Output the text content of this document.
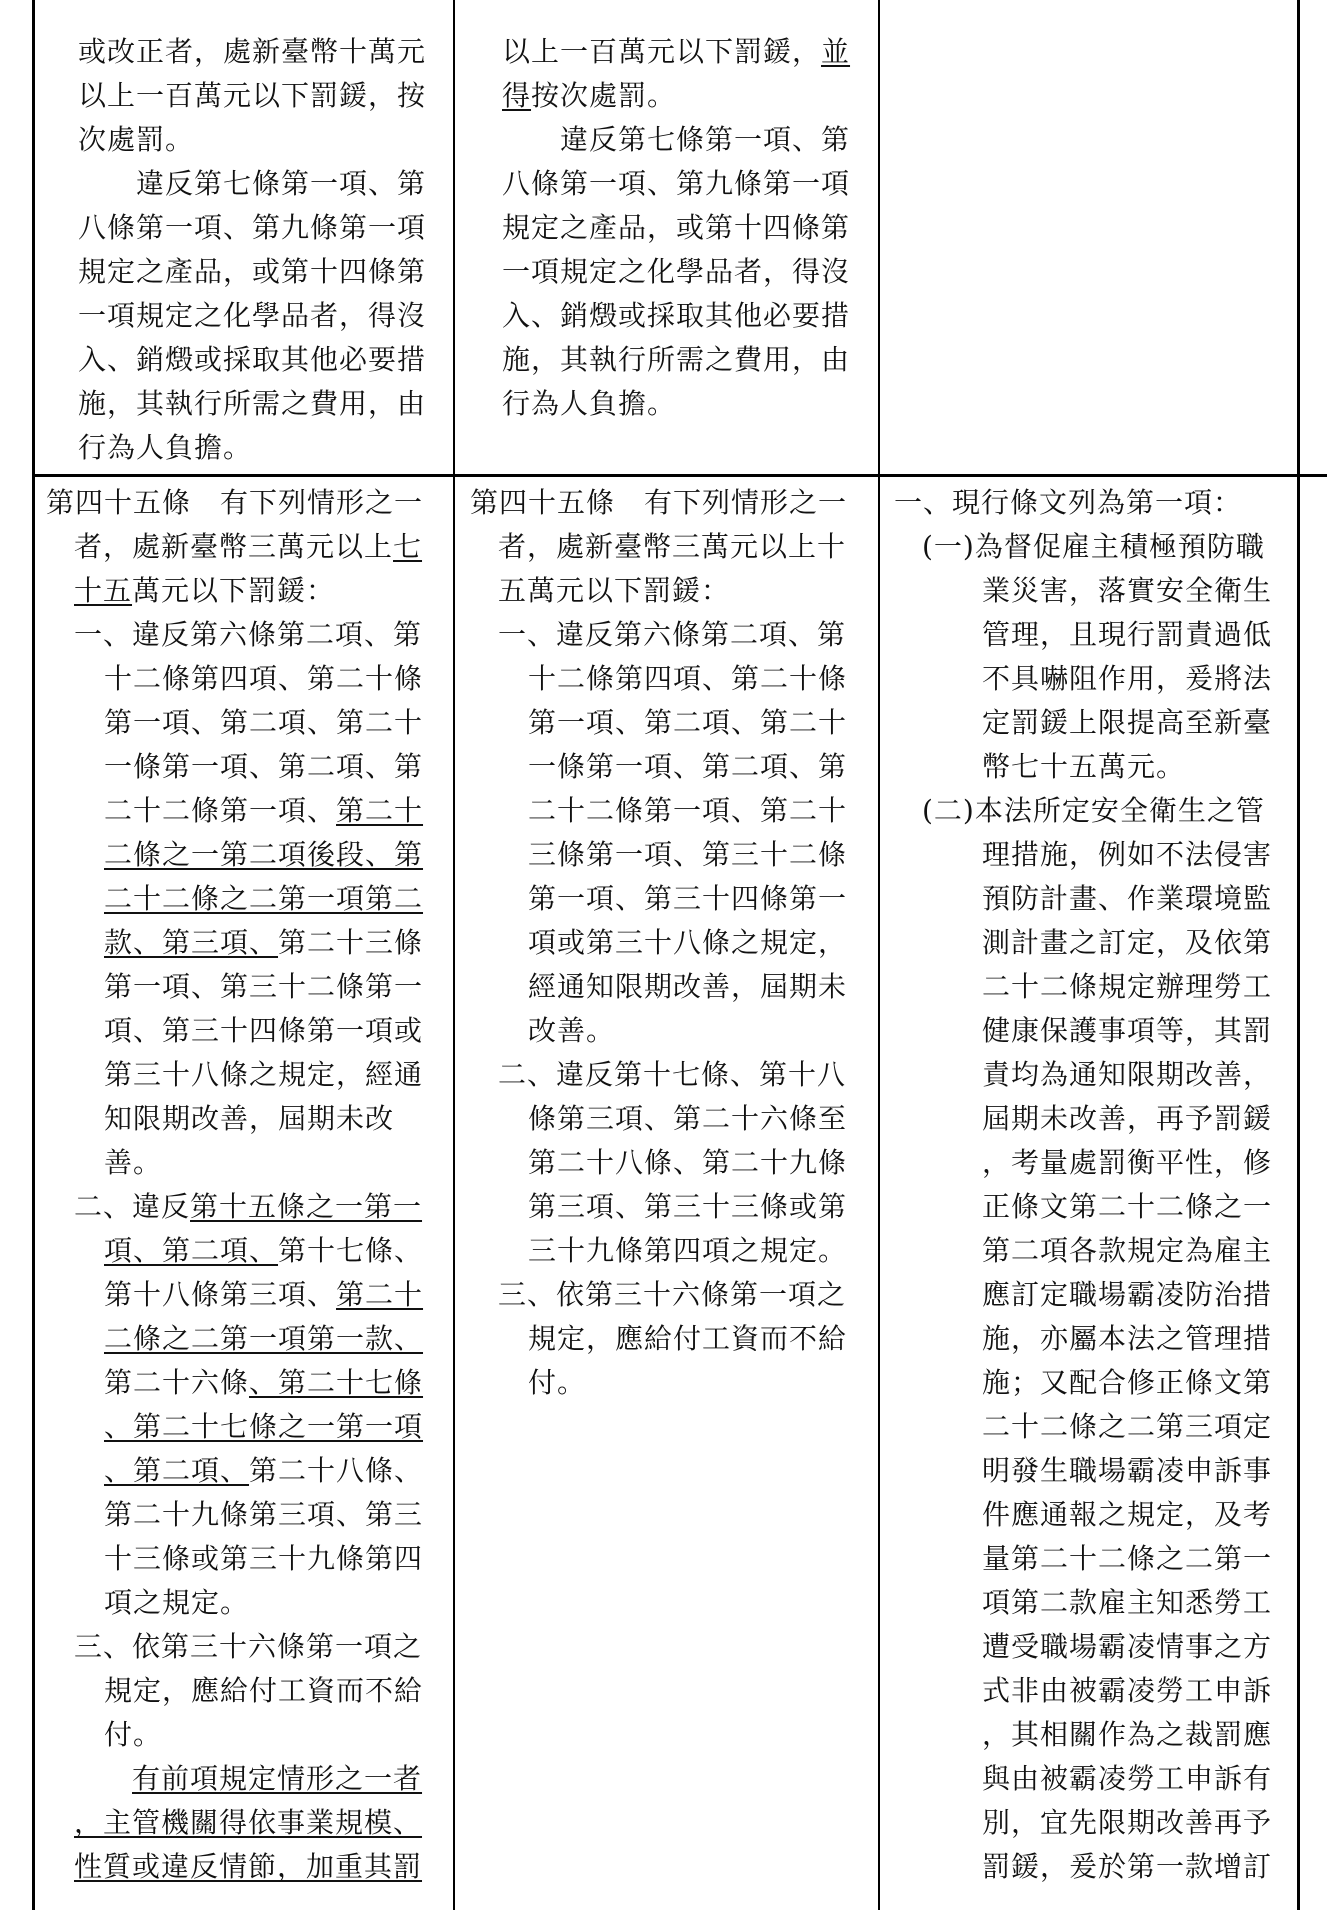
或改正者，處新臺幣十萬元

以上一百萬元以下罰鍰，按

次處罰。

　　違反第七條第一項、第

八條第一項、第九條第一項

規定之產品，或第十四條第

一項規定之化學品者，得沒

入、銷燬或採取其他必要措

施，其執行所需之費用，由

行為人負擔。

以上一百萬元以下罰鍰，並

得按次處罰。

　　違反第七條第一項、第

八條第一項、第九條第一項

規定之產品，或第十四條第

一項規定之化學品者，得沒

入、銷燬或採取其他必要措

施，其執行所需之費用，由

行為人負擔。

第四十五條　有下列情形之一

者，處新臺幣三萬元以上七

十五萬元以下罰鍰：

一、違反第六條第二項、第

十二條第四項、第二十條

第一項、第二項、第二十

一條第一項、第二項、第

二十二條第一項、第二十

二條之一第二項後段、第

二十二條之二第一項第二

款、第三項、第二十三條

第一項、第三十二條第一

項、第三十四條第一項或

第三十八條之規定，經通

知限期改善，屆期未改

善。

二、違反第十五條之一第一

項、第二項、第十七條、

第十八條第三項、第二十

二條之二第一項第一款、

第二十六條、第二十七條

、第二十七條之一第一項

、第二項、第二十八條、

第二十九條第三項、第三

十三條或第三十九條第四

項之規定。

三、依第三十六條第一項之

規定，應給付工資而不給

付。

　　有前項規定情形之一者

，主管機關得依事業規模、

性質或違反情節，加重其罰

第四十五條　有下列情形之一

者，處新臺幣三萬元以上十

五萬元以下罰鍰：

一、違反第六條第二項、第

十二條第四項、第二十條

第一項、第二項、第二十

一條第一項、第二項、第

二十二條第一項、第二十

三條第一項、第三十二條

第一項、第三十四條第一

項或第三十八條之規定，

經通知限期改善，屆期未

改善。

二、違反第十七條、第十八

條第三項、第二十六條至

第二十八條、第二十九條

第三項、第三十三條或第

三十九條第四項之規定。

三、依第三十六條第一項之

規定，應給付工資而不給

付。

一、現行條文列為第一項：

(一)為督促雇主積極預防職

業災害，落實安全衛生

管理，且現行罰責過低

不具嚇阻作用，爰將法

定罰鍰上限提高至新臺

幣七十五萬元。

(二)本法所定安全衛生之管

理措施，例如不法侵害

預防計畫、作業環境監

測計畫之訂定，及依第

二十二條規定辦理勞工

健康保護事項等，其罰

責均為通知限期改善，

屆期未改善，再予罰鍰

，考量處罰衡平性，修

正條文第二十二條之一

第二項各款規定為雇主

應訂定職場霸凌防治措

施，亦屬本法之管理措

施；又配合修正條文第

二十二條之二第三項定

明發生職場霸凌申訴事

件應通報之規定，及考

量第二十二條之二第一

項第二款雇主知悉勞工

遭受職場霸凌情事之方

式非由被霸凌勞工申訴

，其相關作為之裁罰應

與由被霸凌勞工申訴有

別，宜先限期改善再予

罰鍰，爰於第一款增訂
